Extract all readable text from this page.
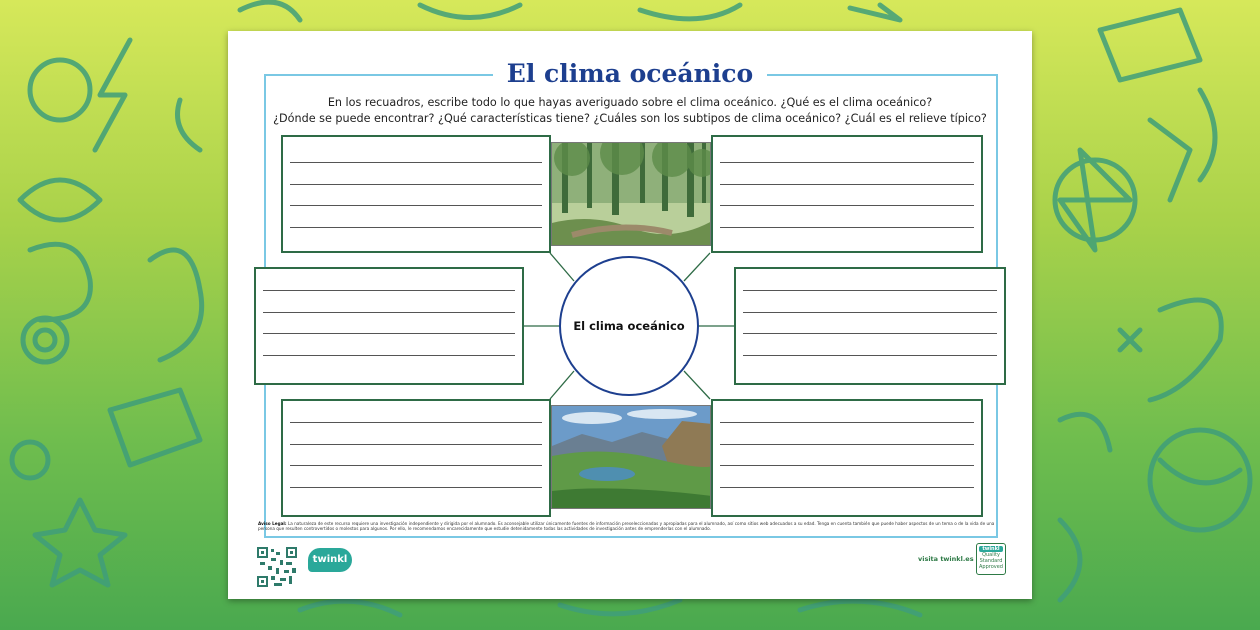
El clima oceánico
En los recuadros, escribe todo lo que hayas averiguado sobre el clima oceánico. ¿Qué es el clima oceánico?
¿Dónde se puede encontrar? ¿Qué características tiene? ¿Cuáles son los subtipos de clima oceánico? ¿Cuál es el relieve típico?
El clima oceánico
Aviso Legal: La naturaleza de este recurso requiere una investigación independiente y dirigida por el alumnado. Es aconsejable utilizar únicamente fuentes de información preseleccionadas y apropiadas para el alumnado, así como sitios web adecuados a su edad. Tenga en cuenta también que puede haber aspectos de un tema o de la vida de una persona que resulten controvertidos o molestos para algunos. Por ello, le recomendamos encarecidamente que estudie detenidamente todas las actividades de investigación antes de emprenderlas con el alumnado.
twinkl	visita twinkl.es
twinkl
Quality Standard Approved
